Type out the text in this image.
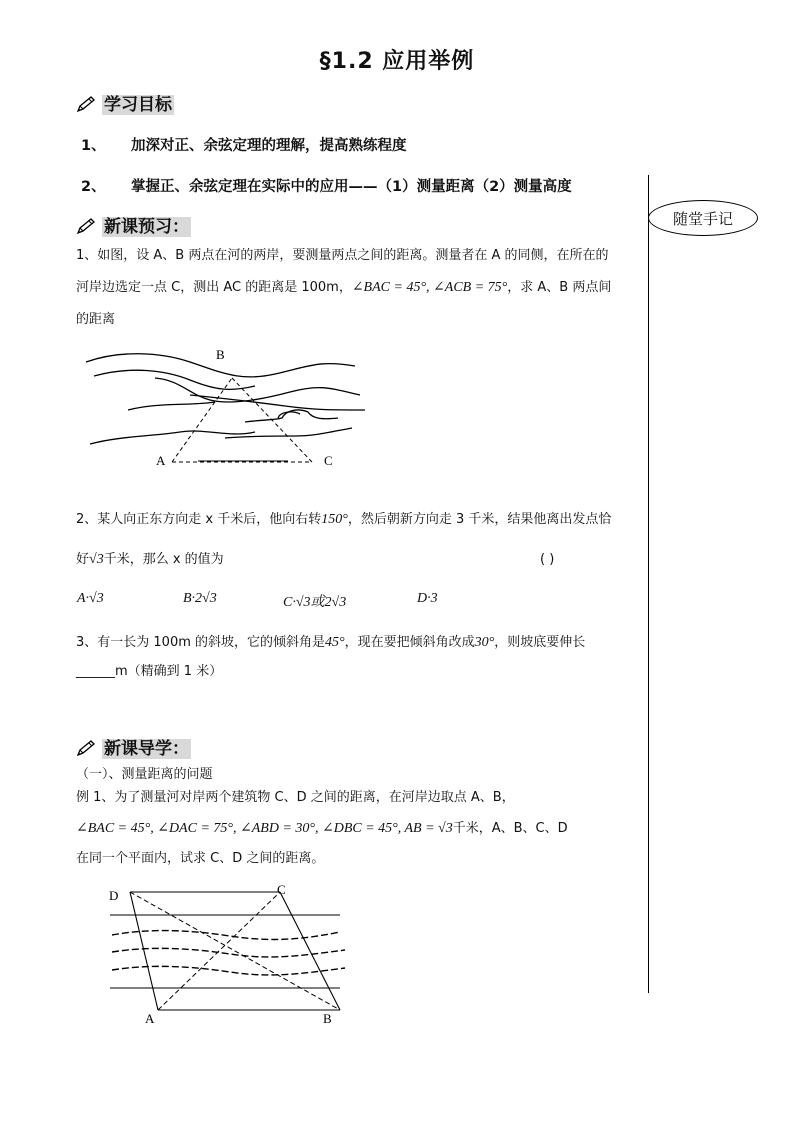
§1.2 应用举例
学习目标
1、 加深对正、余弦定理的理解，提高熟练程度
2、 掌握正、余弦定理在实际中的应用——（1）测量距离（2）测量高度
随堂手记
新课预习：
1、如图，设 A、B 两点在河的两岸，要测量两点之间的距离。测量者在 A 的同侧，在所在的
河岸边选定一点 C，测出 AC 的距离是 100m，∠BAC = 45°, ∠ACB = 75°，求 A、B 两点间
的距离
A
B
C
2、某人向正东方向走 x 千米后，他向右转150°，然后朝新方向走 3 千米，结果他离出发点恰
好√3千米，那么 x 的值为	( )
A·√3	B·2√3	C·√3或2√3	D·3
3、有一长为 100m 的斜坡，它的倾斜角是45°，现在要把倾斜角改成30°，则坡底要伸长
______m（精确到 1 米）
新课导学：
（一）、测量距离的问题
例 1、为了测量河对岸两个建筑物 C、D 之间的距离，在河岸边取点 A、B，
∠BAC = 45°, ∠DAC = 75°, ∠ABD = 30°, ∠DBC = 45°, AB = √3千米，A、B、C、D
在同一个平面内，试求 C、D 之间的距离。
D	C
A	B
